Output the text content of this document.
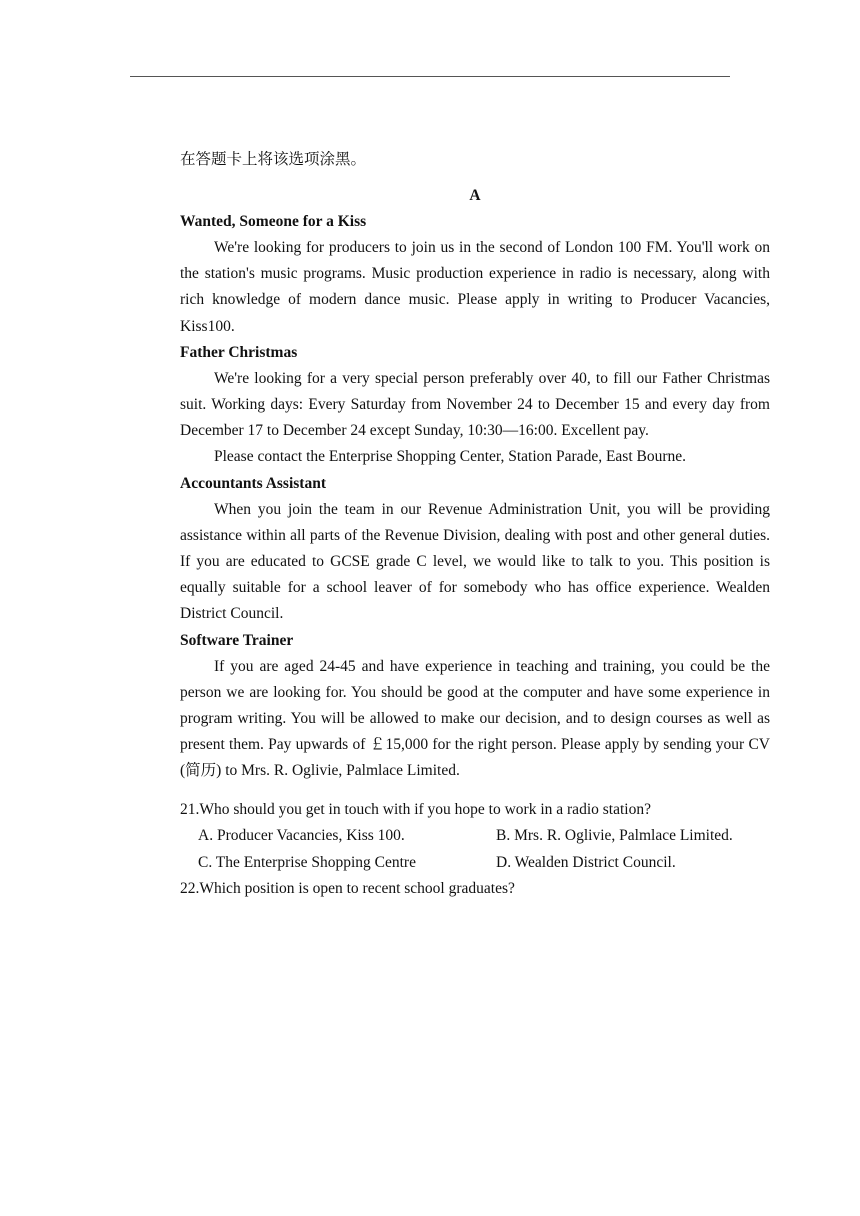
在答题卡上将该选项涂黑。

A

Wanted, Someone for a Kiss

We're looking for producers to join us in the second of London 100 FM. You'll work on the station's music programs. Music production experience in radio is necessary, along with rich knowledge of modern dance music. Please apply in writing to Producer Vacancies, Kiss100.

Father Christmas

We're looking for a very special person preferably over 40, to fill our Father Christmas suit. Working days: Every Saturday from November 24 to December 15 and every day from December 17 to December 24 except Sunday, 10:30—16:00. Excellent pay.

Please contact the Enterprise Shopping Center, Station Parade, East Bourne.

Accountants Assistant

When you join the team in our Revenue Administration Unit, you will be providing assistance within all parts of the Revenue Division, dealing with post and other general duties. If you are educated to GCSE grade C level, we would like to talk to you. This position is equally suitable for a school leaver of for somebody who has office experience. Wealden District Council.

Software Trainer

If you are aged 24-45 and have experience in teaching and training, you could be the person we are looking for. You should be good at the computer and have some experience in program writing. You will be allowed to make our decision, and to design courses as well as present them. Pay upwards of ￡15,000 for the right person. Please apply by sending your CV (简历) to Mrs. R. Oglivie, Palmlace Limited.

21.Who should you get in touch with if you hope to work in a radio station?

A. Producer Vacancies, Kiss 100.	B. Mrs. R. Oglivie, Palmlace Limited.
C. The Enterprise Shopping Centre	D. Wealden District Council.

22.Which position is open to recent school graduates?
